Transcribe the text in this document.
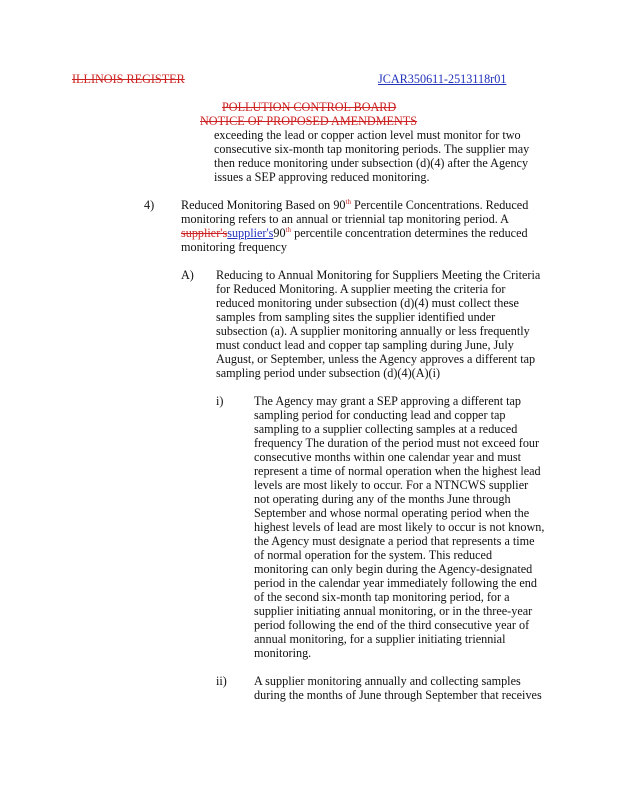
ILLINOIS REGISTER	JCAR350611-2513118r01
POLLUTION CONTROL BOARD
NOTICE OF PROPOSED AMENDMENTS
exceeding the lead or copper action level must monitor for two
consecutive six-month tap monitoring periods. The supplier may
then reduce monitoring under subsection (d)(4) after the Agency
issues a SEP approving reduced monitoring.
4) Reduced Monitoring Based on 90th Percentile Concentrations. Reduced
monitoring refers to an annual or triennial tap monitoring period. A
supplier'ssupplier's90th percentile concentration determines the reduced
monitoring frequency
A) Reducing to Annual Monitoring for Suppliers Meeting the Criteria
for Reduced Monitoring. A supplier meeting the criteria for
reduced monitoring under subsection (d)(4) must collect these
samples from sampling sites the supplier identified under
subsection (a). A supplier monitoring annually or less frequently
must conduct lead and copper tap sampling during June, July
August, or September, unless the Agency approves a different tap
sampling period under subsection (d)(4)(A)(i)
i)	The Agency may grant a SEP approving a different tap
sampling period for conducting lead and copper tap
sampling to a supplier collecting samples at a reduced
frequency The duration of the period must not exceed four
consecutive months within one calendar year and must
represent a time of normal operation when the highest lead
levels are most likely to occur. For a NTNCWS supplier
not operating during any of the months June through
September and whose normal operating period when the
highest levels of lead are most likely to occur is not known,
the Agency must designate a period that represents a time
of normal operation for the system. This reduced
monitoring can only begin during the Agency-designated
period in the calendar year immediately following the end
of the second six-month tap monitoring period, for a
supplier initiating annual monitoring, or in the three-year
period following the end of the third consecutive year of
annual monitoring, for a supplier initiating triennial
monitoring.
ii) A supplier monitoring annually and collecting samples
during the months of June through September that receives
